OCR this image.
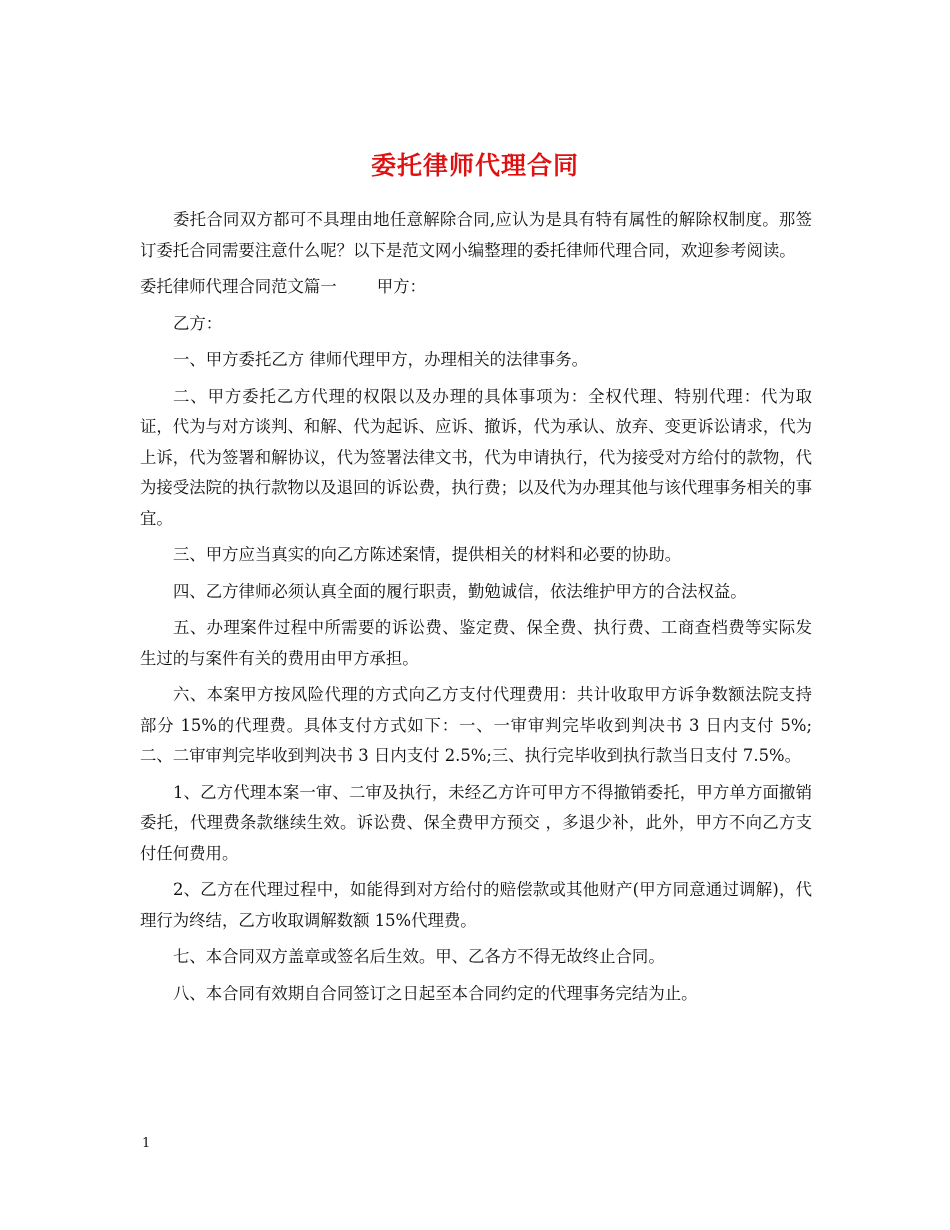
委托律师代理合同

委托合同双方都可不具理由地任意解除合同,应认为是具有特有属性的解除权制度。那签订委托合同需要注意什么呢？以下是范文网小编整理的委托律师代理合同，欢迎参考阅读。

委托律师代理合同范文篇一 甲方：

乙方：

一、甲方委托乙方 律师代理甲方，办理相关的法律事务。

二、甲方委托乙方代理的权限以及办理的具体事项为：全权代理、特别代理：代为取证，代为与对方谈判、和解、代为起诉、应诉、撤诉，代为承认、放弃、变更诉讼请求，代为上诉，代为签署和解协议，代为签署法律文书，代为申请执行，代为接受对方给付的款物，代为接受法院的执行款物以及退回的诉讼费，执行费；以及代为办理其他与该代理事务相关的事宜。

三、甲方应当真实的向乙方陈述案情，提供相关的材料和必要的协助。

四、乙方律师必须认真全面的履行职责，勤勉诚信，依法维护甲方的合法权益。

五、办理案件过程中所需要的诉讼费、鉴定费、保全费、执行费、工商查档费等实际发生过的与案件有关的费用由甲方承担。

六、本案甲方按风险代理的方式向乙方支付代理费用：共计收取甲方诉争数额法院支持部分 15%的代理费。具体支付方式如下：一、一审审判完毕收到判决书 3 日内支付 5%;二、二审审判完毕收到判决书 3 日内支付 2.5%;三、执行完毕收到执行款当日支付 7.5%。

1、乙方代理本案一审、二审及执行，未经乙方许可甲方不得撤销委托，甲方单方面撤销委托，代理费条款继续生效。诉讼费、保全费甲方预交 ，多退少补，此外，甲方不向乙方支付任何费用。

2、乙方在代理过程中，如能得到对方给付的赔偿款或其他财产(甲方同意通过调解)，代理行为终结，乙方收取调解数额 15%代理费。

七、本合同双方盖章或签名后生效。甲、乙各方不得无故终止合同。

八、本合同有效期自合同签订之日起至本合同约定的代理事务完结为止。

1
